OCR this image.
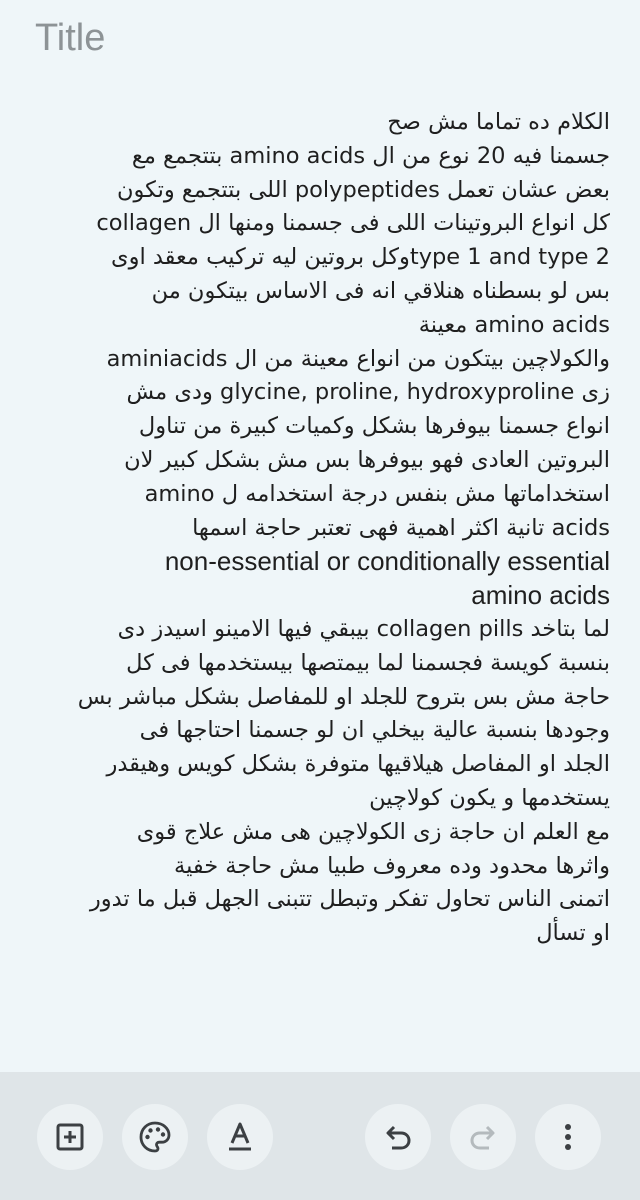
Title
الكلام ده تماما مش صح
جسمنا فيه 20 نوع من ال amino acids بتتجمع مع
بعض عشان تعمل polypeptides اللى بتتجمع وتكون
كل انواع البروتينات اللى فى جسمنا ومنها ال collagen
type 1 and type 2وكل بروتين ليه تركيب معقد اوى
بس لو بسطناه هنلاقي انه فى الاساس بيتكون من
amino acids معينة
والكولاچين بيتكون من انواع معينة من ال aminiacids
زى glycine, proline, hydroxyproline ودى مش
انواع جسمنا بيوفرها بشكل وكميات كبيرة من تناول
البروتين العادى فهو بيوفرها بس مش بشكل كبير لان
استخداماتها مش بنفس درجة استخدامه ل amino
acids تانية اكثر اهمية فهى تعتبر حاجة اسمها
non-essential or conditionally essential
amino acids
لما بتاخد collagen pills بيبقي فيها الامينو اسيدز دى
بنسبة كويسة فجسمنا لما بيمتصها بيستخدمها فى كل
حاجة مش بس بتروح للجلد او للمفاصل بشكل مباشر بس
وجودها بنسبة عالية بيخلي ان لو جسمنا احتاجها فى
الجلد او المفاصل هيلاقيها متوفرة بشكل كويس وهيقدر
يستخدمها و يكون كولاچين
مع العلم ان حاجة زى الكولاچين هى مش علاج قوى
واثرها محدود وده معروف طبيا مش حاجة خفية
اتمنى الناس تحاول تفكر وتبطل تتبنى الجهل قبل ما تدور
او تسأل
